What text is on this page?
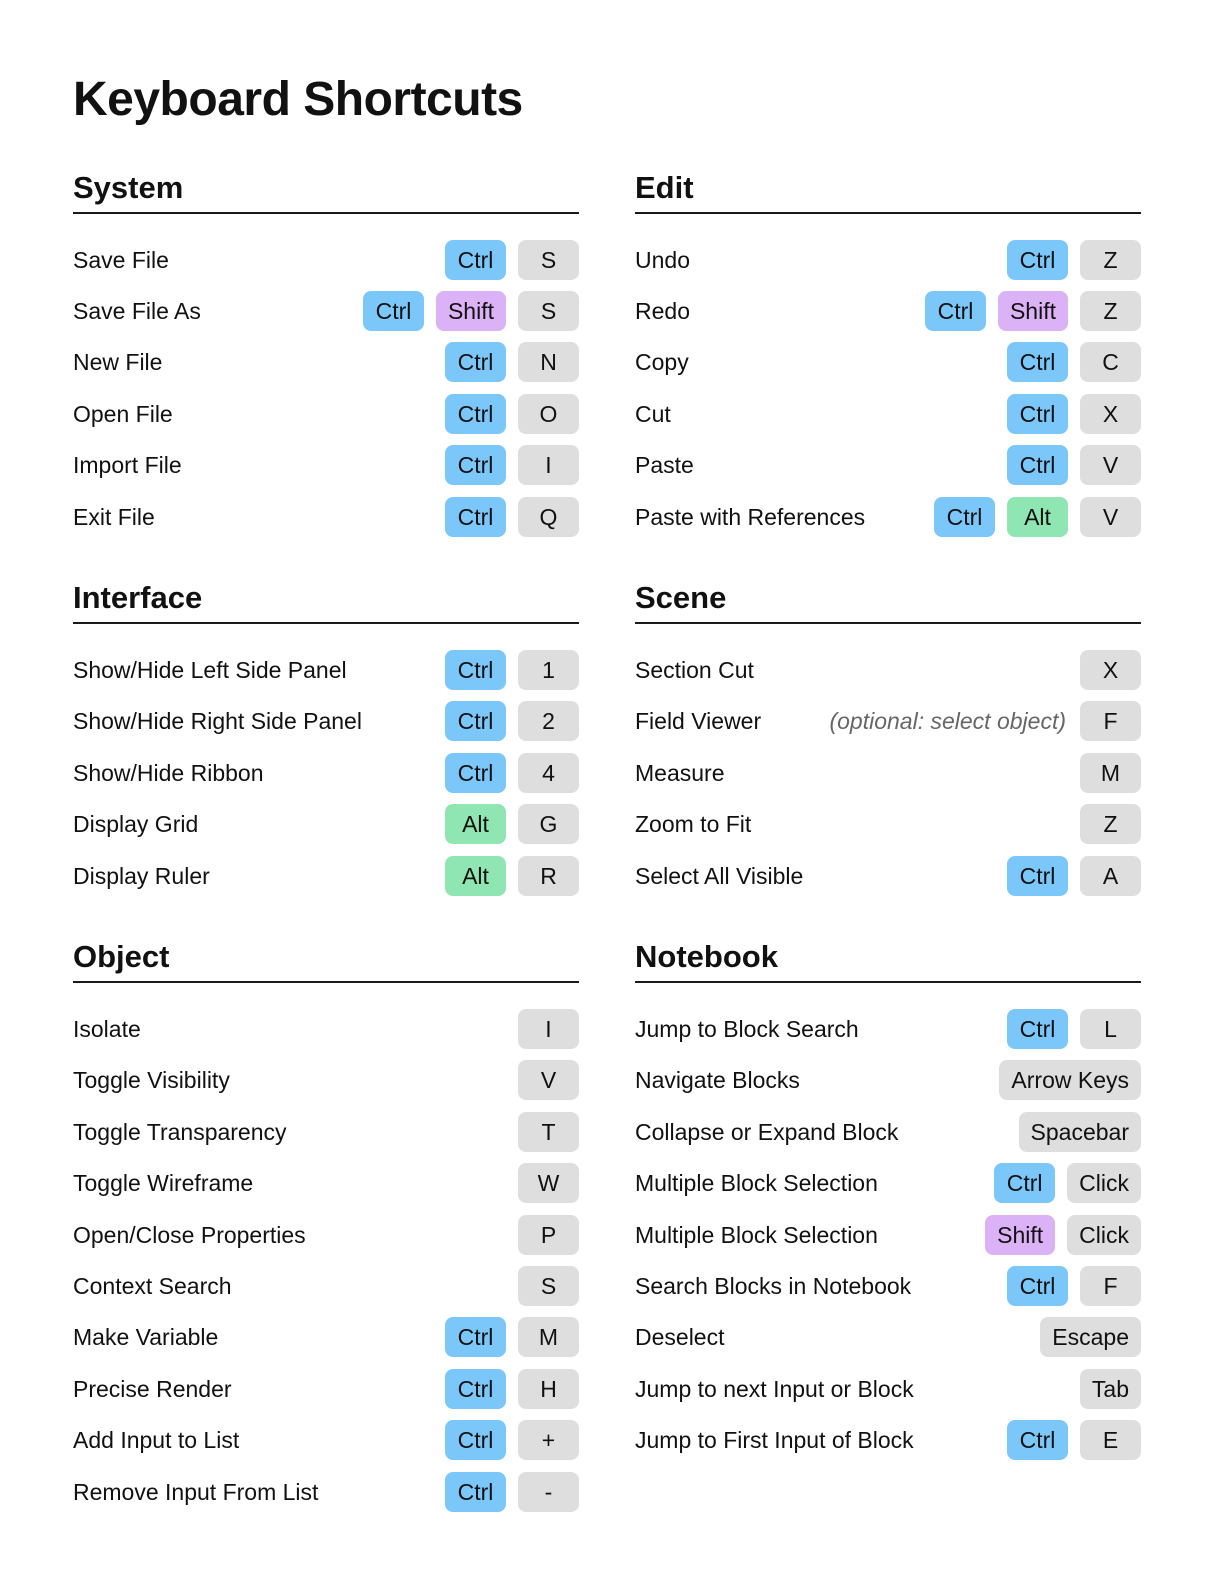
Keyboard Shortcuts
System
Save File	Ctrl	S
Save File As	Ctrl	Shift	S
New File	Ctrl	N
Open File	Ctrl	O
Import File	Ctrl	I
Exit File	Ctrl	Q
Interface
Show/Hide Left Side Panel	Ctrl	1
Show/Hide Right Side Panel	Ctrl	2
Show/Hide Ribbon	Ctrl	4
Display Grid	Alt	G
Display Ruler	Alt	R
Object
Isolate	I
Toggle Visibility	V
Toggle Transparency	T
Toggle Wireframe	W
Open/Close Properties	P
Context Search	S
Make Variable	Ctrl	M
Precise Render	Ctrl	H
Add Input to List	Ctrl	+
Remove Input From List	Ctrl	-
Edit
Undo	Ctrl	Z
Redo	Ctrl	Shift	Z
Copy	Ctrl	C
Cut	Ctrl	X
Paste	Ctrl	V
Paste with References	Ctrl	Alt	V
Scene
Section Cut	X
Field Viewer	(optional: select object)	F
Measure	M
Zoom to Fit	Z
Select All Visible	Ctrl	A
Notebook
Jump to Block Search	Ctrl	L
Navigate Blocks	Arrow Keys
Collapse or Expand Block	Spacebar
Multiple Block Selection	Ctrl	Click
Multiple Block Selection	Shift	Click
Search Blocks in Notebook	Ctrl	F
Deselect	Escape
Jump to next Input or Block	Tab
Jump to First Input of Block	Ctrl	E
